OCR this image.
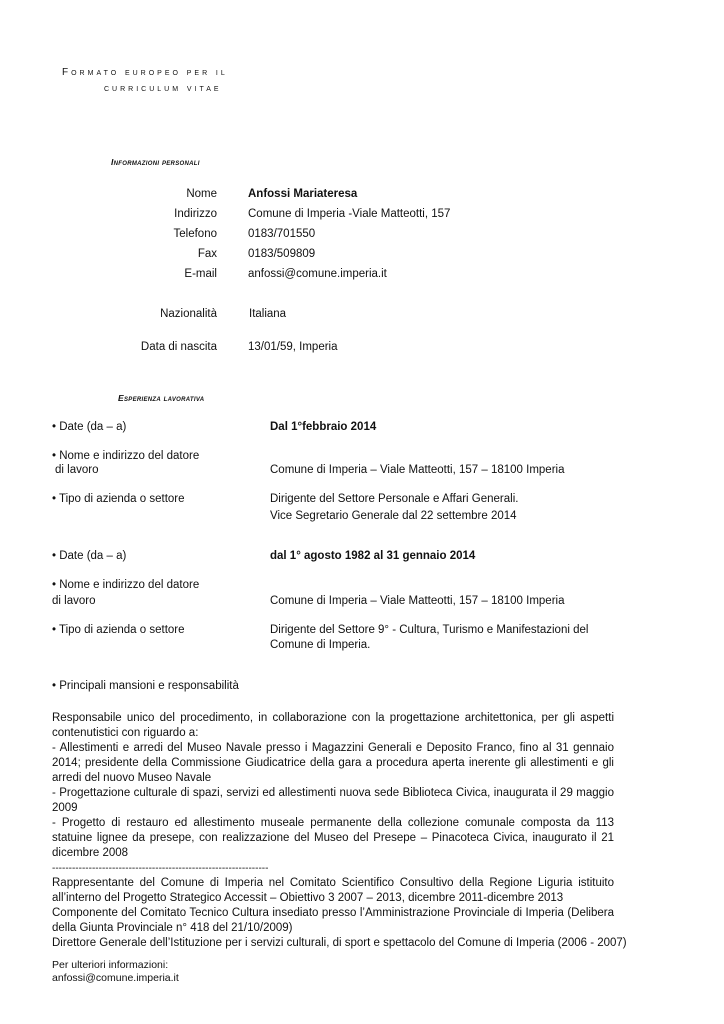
Formato europeo per il
curriculum vitae
Informazioni personali
Nome	Anfossi Mariateresa
Indirizzo	Comune di Imperia -Viale Matteotti, 157
Telefono	0183/701550
Fax	0183/509809
E-mail	anfossi@comune.imperia.it
Nazionalità	Italiana
Data di nascita	13/01/59, Imperia
Esperienza lavorativa
• Date (da – a)	Dal 1°febbraio 2014
• Nome e indirizzo del datore
di lavoro	Comune di Imperia – Viale Matteotti, 157 – 18100 Imperia
• Tipo di azienda o settore	Dirigente del Settore Personale e Affari Generali.
Vice Segretario Generale dal 22 settembre 2014
• Date (da – a)	dal 1° agosto 1982 al 31 gennaio 2014
• Nome e indirizzo del datore
di lavoro	Comune di Imperia – Viale Matteotti, 157 – 18100 Imperia
• Tipo di azienda o settore	Dirigente del Settore 9° - Cultura, Turismo e Manifestazioni del
Comune di Imperia.
• Principali mansioni e responsabilità
Responsabile unico del procedimento, in collaborazione con la progettazione architettonica, per gli aspetti contenutistici con riguardo a:
- Allestimenti e arredi del Museo Navale presso i Magazzini Generali e Deposito Franco, fino al 31 gennaio 2014; presidente della Commissione Giudicatrice della gara a procedura aperta inerente gli allestimenti e gli arredi del nuovo Museo Navale
- Progettazione culturale di spazi, servizi ed allestimenti nuova sede Biblioteca Civica, inaugurata il 29 maggio 2009
- Progetto di restauro ed allestimento museale permanente della collezione comunale composta da 113 statuine lignee da presepe, con realizzazione del Museo del Presepe – Pinacoteca Civica, inaugurato il 21 dicembre 2008
-----------------------------------------------------------------
Rappresentante del Comune di Imperia nel Comitato Scientifico Consultivo della Regione Liguria istituito all’interno del Progetto Strategico Accessit – Obiettivo 3 2007 – 2013, dicembre 2011-dicembre 2013
Componente del Comitato Tecnico Cultura insediato presso l’Amministrazione Provinciale di Imperia (Delibera della Giunta Provinciale n° 418 del 21/10/2009)
Direttore Generale dell’Istituzione per i servizi culturali, di sport e spettacolo del Comune di Imperia (2006 - 2007)
Per ulteriori informazioni:
anfossi@comune.imperia.it
